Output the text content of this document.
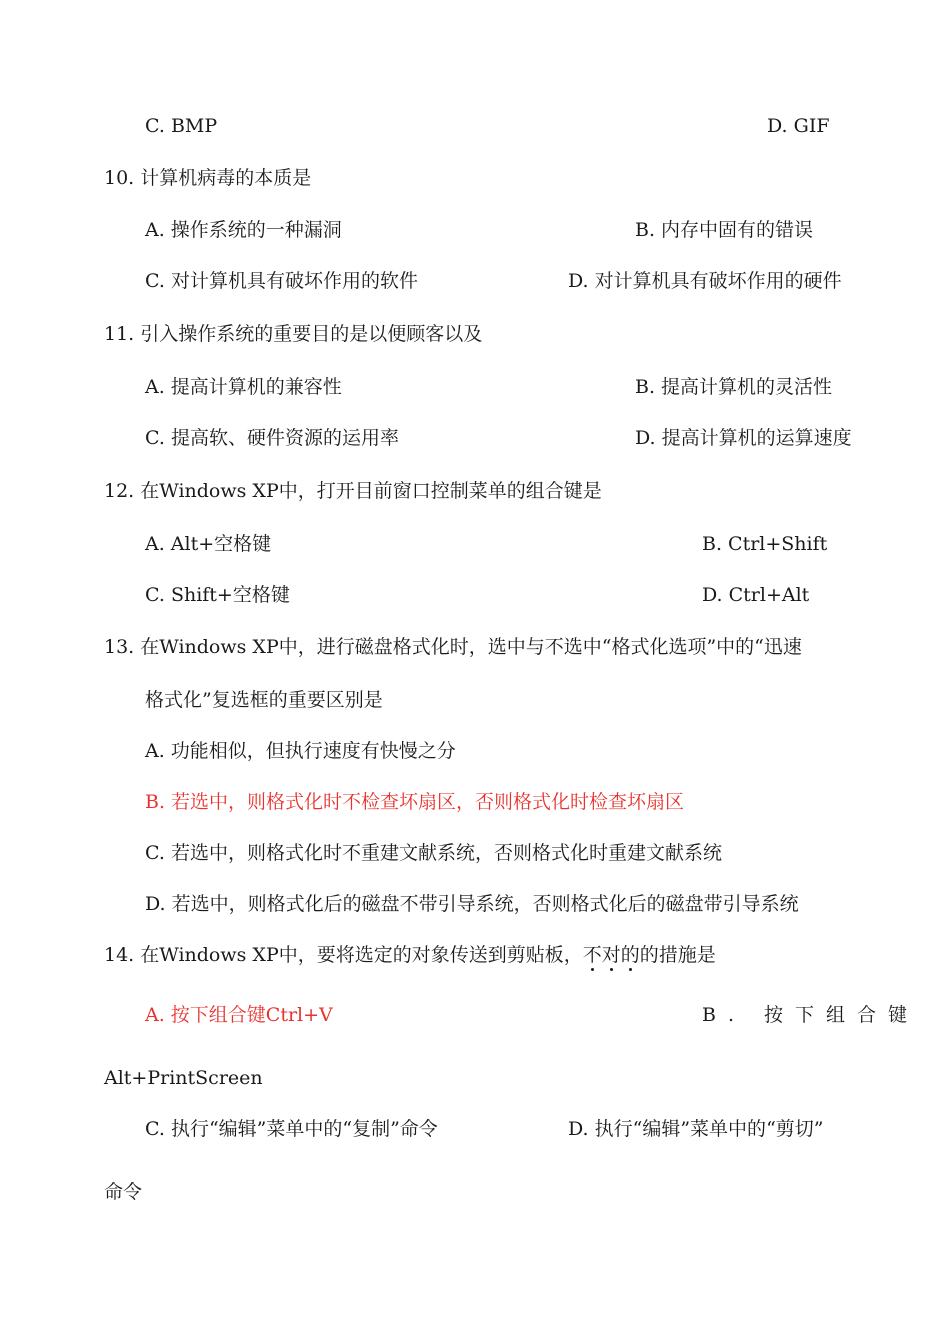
C. BMP	D. GIF
10. 计算机病毒的本质是
A. 操作系统的一种漏洞	B. 内存中固有的错误
C. 对计算机具有破坏作用的软件	D. 对计算机具有破坏作用的硬件
11. 引入操作系统的重要目的是以便顾客以及
A. 提高计算机的兼容性	B. 提高计算机的灵活性
C. 提高软、硬件资源的运用率	D. 提高计算机的运算速度
12. 在Windows XP中，打开目前窗口控制菜单的组合键是
A. Alt+空格键	B. Ctrl+Shift
C. Shift+空格键	D. Ctrl+Alt
13. 在Windows XP中，进行磁盘格式化时，选中与不选中“格式化选项”中的“迅速
格式化”复选框的重要区别是
A. 功能相似，但执行速度有快慢之分
B. 若选中，则格式化时不检查坏扇区，否则格式化时检查坏扇区
C. 若选中，则格式化时不重建文献系统，否则格式化时重建文献系统
D. 若选中，则格式化后的磁盘不带引导系统，否则格式化后的磁盘带引导系统
14. 在Windows XP中，要将选定的对象传送到剪贴板，不对的
的措施是
A. 按下组合键Ctrl+V	B. 按下组合键
Alt+PrintScreen
C. 执行“编辑”菜单中的“复制”命令	D. 执行“编辑”菜单中的“剪切”
命令
